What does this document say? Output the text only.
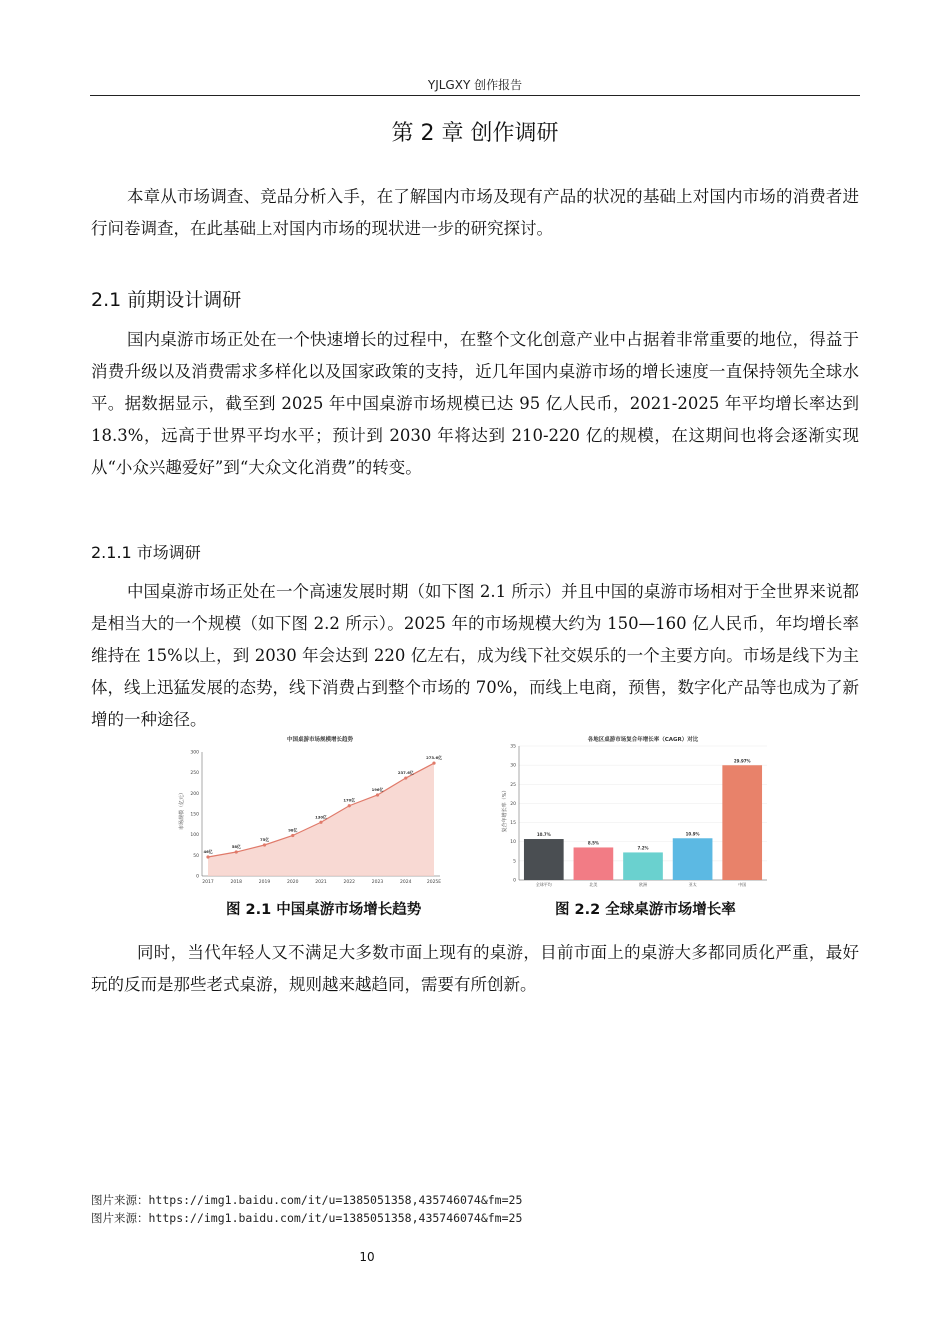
YJLGXY 创作报告
第 2 章 创作调研

本章从市场调查、竞品分析入手，在了解国内市场及现有产品的状况的基础上对国内市场的消费者进行问卷调查，在此基础上对国内市场的现状进一步的研究探讨。

2.1 前期设计调研

国内桌游市场正处在一个快速增长的过程中，在整个文化创意产业中占据着非常重要的地位，得益于消费升级以及消费需求多样化以及国家政策的支持，近几年国内桌游市场的增长速度一直保持领先全球水平。据数据显示，截至到 2025 年中国桌游市场规模已达 95 亿人民币，2021-2025 年平均增长率达到 18.3%，远高于世界平均水平；预计到 2030 年将达到 210-220 亿的规模，在这期间也将会逐渐实现从“小众兴趣爱好”到“大众文化消费”的转变。

2.1.1 市场调研

中国桌游市场正处在一个高速发展时期（如下图 2.1 所示）并且中国的桌游市场相对于全世界来说都是相当大的一个规模（如下图 2.2 所示）。2025 年的市场规模大约为 150—160 亿人民币，年均增长率维持在 15%以上，到 2030 年会达到 220 亿左右，成为线下社交娱乐的一个主要方向。市场是线下为主体，线上迅猛发展的态势，线下消费占到整个市场的 70%，而线上电商，预售，数字化产品等也成为了新增的一种途径。

中国桌游市场规模增长趋势
市场规模（亿元）
0
50
100
150
200
250
300
2017	2018	2019	2020	2021	2022	2023	2024	2025E
46亿
58亿
75亿
98亿
130亿
170亿
196亿
237.6亿
273.6亿
各地区桌游市场复合年增长率（CAGR）对比
复合年增长率（%）
0
5
10
15
20
25
30
35
10.7%
全球平均
8.5%
北美
7.2%
欧洲
10.9%
亚太
29.97%
中国
图 2.1 中国桌游市场增长趋势	图 2.2 全球桌游市场增长率

同时，当代年轻人又不满足大多数市面上现有的桌游，目前市面上的桌游大多都同质化严重，最好玩的反而是那些老式桌游，规则越来越趋同，需要有所创新。

图片来源：https://img1.baidu.com/it/u=1385051358,435746074&fm=25
图片来源：https://img1.baidu.com/it/u=1385051358,435746074&fm=25
10
